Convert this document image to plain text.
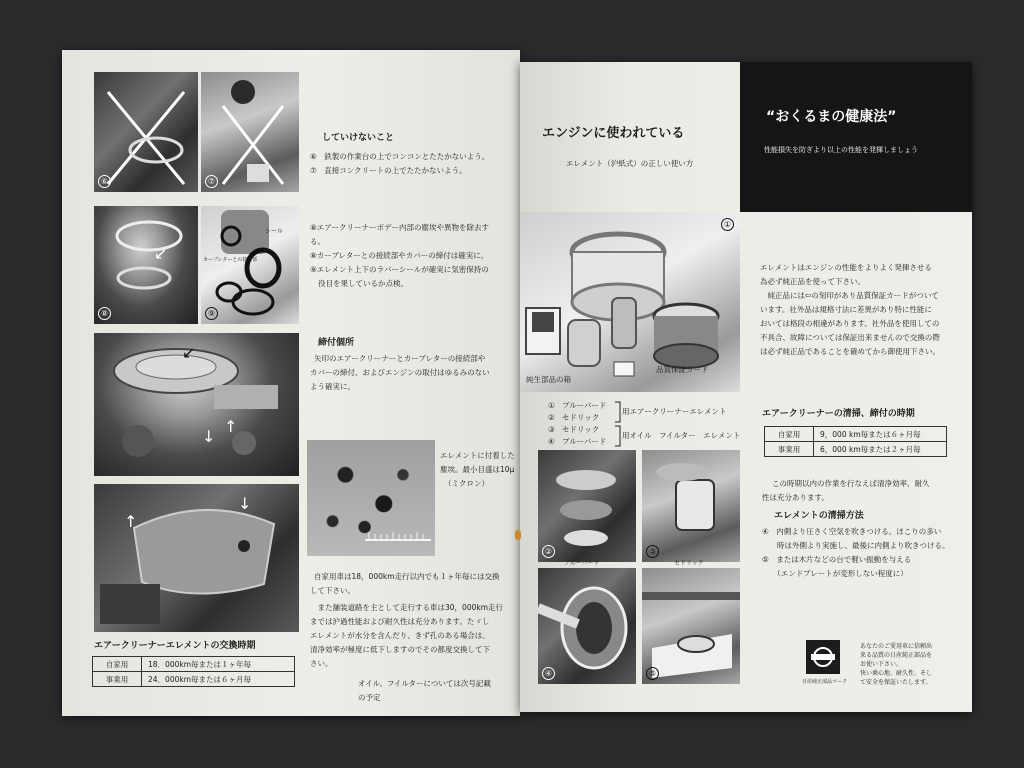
⑥	⑦
していけないこと
⑥　鉄製の作業台の上でコンコンとたたかないよう。
⑦　直接コンクリートの上でたたかないよう。
↙
⑧
シール
カーブレターとの接続部
⑨
⑧エアークリーナーボデー内部の塵埃や異物を除去す
る。
⑧カーブレターとの接続部やカバーの締付は確実に。
⑨エレメント上下のラバーシールが確実に気密保持の
役目を果しているか点検。
↙
↑
↓
締付個所
矢印のエアークリーナーとカーブレターの接続部や
カバーの締付、およびエンジンの取付はゆるみのない
よう確実に。
↓
↑
エレメントに付着した
塵埃。最小目盛は10μ
（ミクロン）
自家用車は18，000km走行以内でも１ヶ年毎には交換
して下さい。
　また舗装道路を主として走行する車は30，000km走行
までは沪過性能および耐久性は充分あります。たゞし
エレメントが水分を含んだり、きず孔のある場合は、
清浄効率が極度に低下しますのでその都度交換して下
さい。
オイル、フイルターについては次号記載
の予定
エアークリーナーエレメントの交換時期
自家用	18．000km毎または１ヶ年毎
事業用	24．000km毎または６ヶ月毎
エンジンに使われている
エレメント（沪紙式）の正しい使い方
“おくるまの健康法”
性能損失を防ぎより以上の性能を発揮しましょう
①
純生部品の箱
品質保証カード
① ブルーバード
② セドリック
③ セドリック
④ ブルーバード
用エアークリーナーエレメント
用オイル　フイルター　エレメント
②	③
ブルーバード	セドリック
④	⑤
エレメントはエンジンの性能をよりよく発揮させる
為必ず純正品を使って下さい。
　純正品には⇦の刻印があり品質保証カードがついて
います。社外品は規格寸法に差異があり特に性能に
おいては格段の相違があります。社外品を使用しての
不具合、故障については保証出来ませんので交換の際
は必ず純正品であることを確めてから御使用下さい。
エアークリーナーの清掃、締付の時期
自家用	9，000 km毎または６ヶ月毎
事業用	6，000 km毎または２ヶ月毎
この時期以内の作業を行なえば清浄効率、耐久
性は充分あります。
エレメントの清掃方法
④　内側より圧さく空気を吹きつける。ほこりの多い
　　時は外側より実施し、最後に内側より吹きつける。
⑤　または木片などの台で軽い振動を与える
　　（エンドプレートが変形しない程度に）
日産純正部品マーク
あなたのご愛用車に信頼出
来る品質の日産純正部品を
お使い下さい。
快い乗心地、耐久性、そし
て安全を保証いたします。
